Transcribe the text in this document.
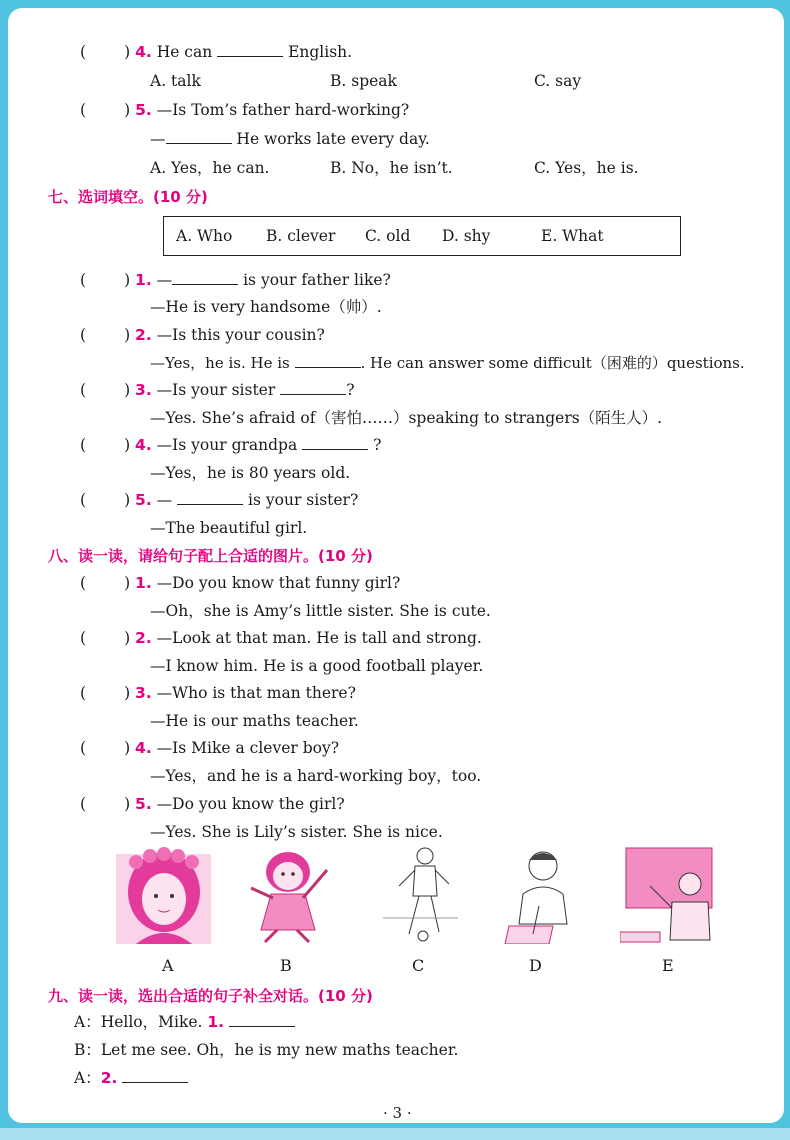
( ) 4. He can	English.
A. talk	B. speak	C. say
( ) 5. —Is Tom’s father hard-working?
—	He works late every day.
A. Yes，he can.	B. No，he isn’t.	C. Yes，he is.
七、选词填空。(10 分)
A. Who B. clever C. old D. shy	E. What
( ) 1. —	is your father like?
—He is very handsome（帅）.
( ) 2. —Is this your cousin?
—Yes，he is. He is	. He can answer some difficult（困难的）questions.
( ) 3. —Is your sister	?
—Yes. She’s afraid of（害怕……）speaking to strangers（陌生人）.
( ) 4. —Is your grandpa	?
—Yes，he is 80 years old.
( ) 5. —	is your sister?
—The beautiful girl.
八、读一读，请给句子配上合适的图片。(10 分)
( ) 1. —Do you know that funny girl?
—Oh，she is Amy’s little sister. She is cute.
( ) 2. —Look at that man. He is tall and strong.
—I know him. He is a good football player.
( ) 3. —Who is that man there?
—He is our maths teacher.
( ) 4. —Is Mike a clever boy?
—Yes，and he is a hard-working boy，too.
( ) 5. —Do you know the girl?
—Yes. She is Lily’s sister. She is nice.
A	B	C	D	E
九、读一读，选出合适的句子补全对话。(10 分)
A：Hello，Mike. 1.
B：Let me see. Oh，he is my new maths teacher.
A：2.
· 3 ·
